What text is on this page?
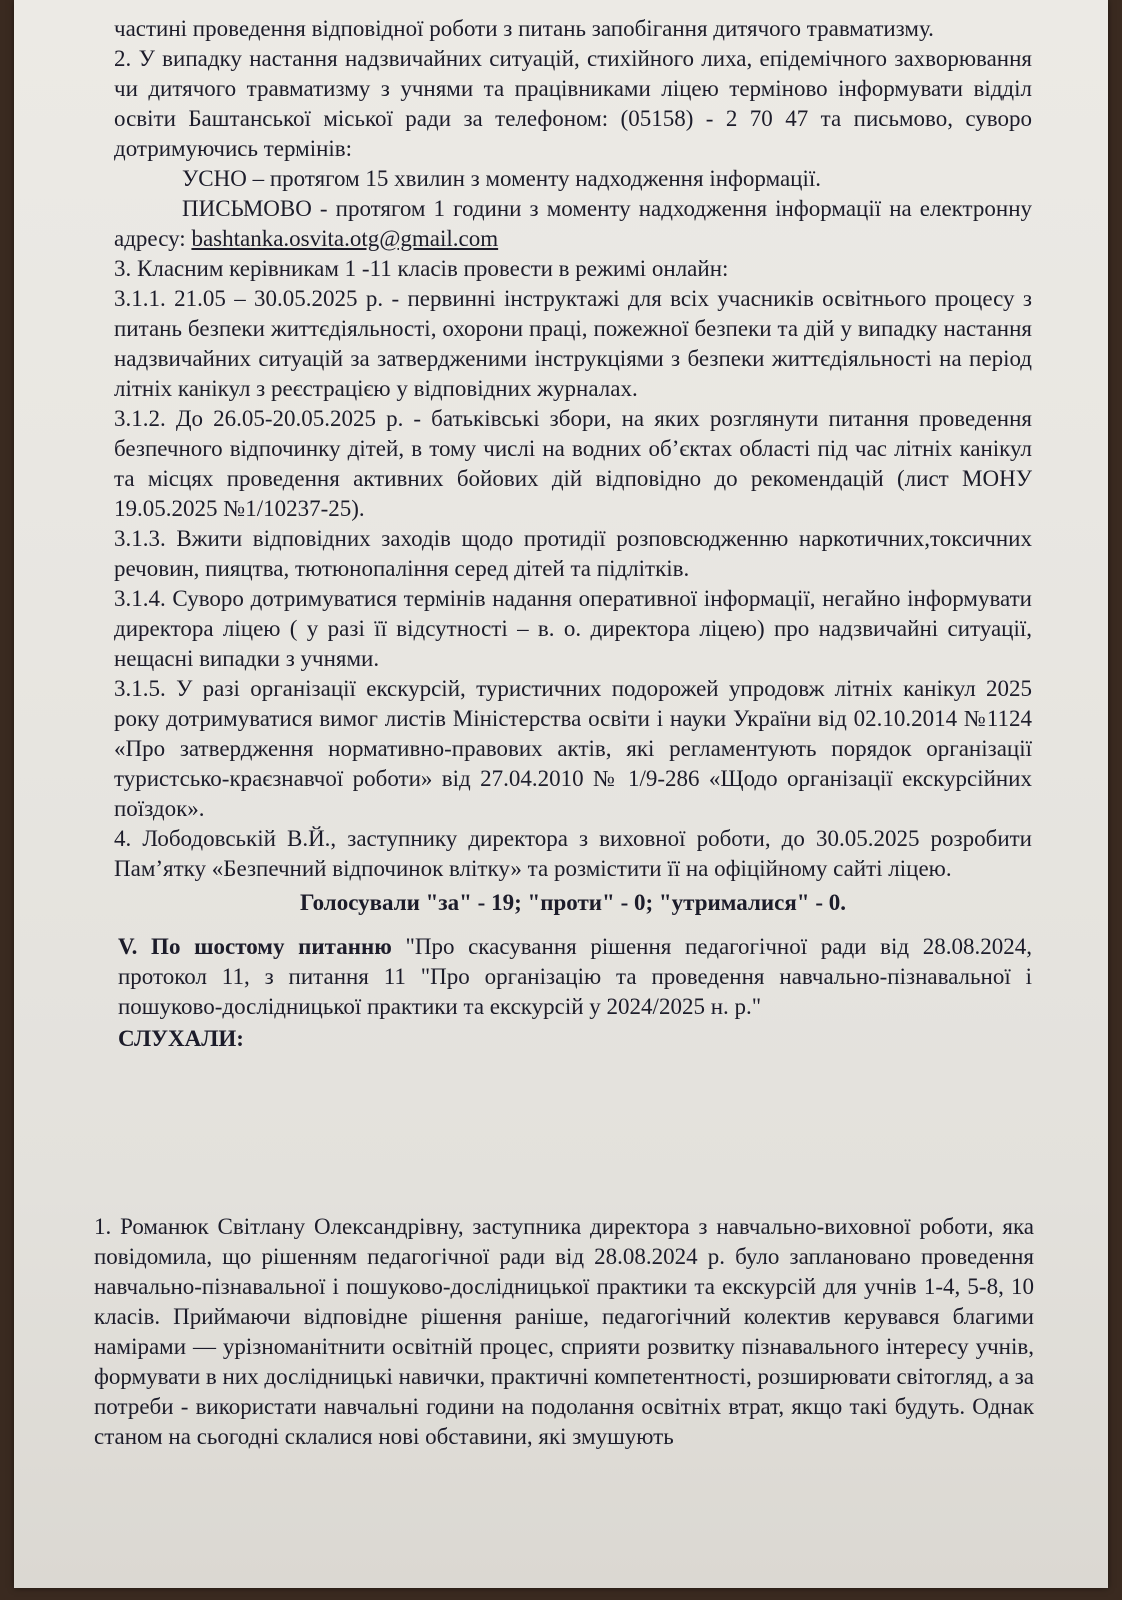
частині проведення відповідної роботи з питань запобігання дитячого травматизму.

2. У випадку настання надзвичайних ситуацій, стихійного лиха, епідемічного захворювання чи дитячого травматизму з учнями та працівниками ліцею терміново інформувати відділ освіти Баштанської міської ради за телефоном: (05158) - 2 70 47 та письмово, суворо дотримуючись термінів:

УСНО – протягом 15 хвилин з моменту надходження інформації.

ПИСЬМОВО - протягом 1 години з моменту надходження інформації на електронну адресу: bashtanka.osvita.otg@gmail.com

3. Класним керівникам 1 -11 класів провести в режимі онлайн:

3.1.1. 21.05 – 30.05.2025 р. - первинні інструктажі для всіх учасників освітнього процесу з питань безпеки життєдіяльності, охорони праці, пожежної безпеки та дій у випадку настання надзвичайних ситуацій за затвердженими інструкціями з безпеки життєдіяльності на період літніх канікул з реєстрацією у відповідних журналах.

3.1.2. До 26.05-20.05.2025 р. - батьківські збори, на яких розглянути питання проведення безпечного відпочинку дітей, в тому числі на водних об’єктах області під час літніх канікул та місцях проведення активних бойових дій відповідно до рекомендацій (лист МОНУ 19.05.2025 №1/10237-25).

3.1.3. Вжити відповідних заходів щодо протидії розповсюдженню наркотичних,токсичних речовин, пияцтва, тютюнопаління серед дітей та підлітків.

3.1.4. Суворо дотримуватися термінів надання оперативної інформації, негайно інформувати директора ліцею ( у разі її відсутності – в. о. директора ліцею) про надзвичайні ситуації, нещасні випадки з учнями.

3.1.5. У разі організації екскурсій, туристичних подорожей упродовж літніх канікул 2025 року дотримуватися вимог листів Міністерства освіти і науки України від 02.10.2014 №1124 «Про затвердження нормативно-правових актів, які регламентують порядок організації туристсько-краєзнавчої роботи» від 27.04.2010 № 1/9-286 «Щодо організації екскурсійних поїздок».

4. Лободовській В.Й., заступнику директора з виховної роботи, до 30.05.2025 розробити Пам’ятку «Безпечний відпочинок влітку» та розмістити її на офіційному сайті ліцею.

Голосували "за" - 19; "проти" - 0; "утрималися" - 0.

V. По шостому питанню "Про скасування рішення педагогічної ради від 28.08.2024, протокол 11, з питання 11 "Про організацію та проведення навчально-пізнавальної і пошуково-дослідницької практики та екскурсій у 2024/2025 н. р."

СЛУХАЛИ:

1. Романюк Світлану Олександрівну, заступника директора з навчально-виховної роботи, яка повідомила, що рішенням педагогічної ради від 28.08.2024 р. було заплановано проведення навчально-пізнавальної і пошуково-дослідницької практики та екскурсій для учнів 1-4, 5-8, 10 класів. Приймаючи відповідне рішення раніше, педагогічний колектив керувався благими намірами — урізноманітнити освітній процес, сприяти розвитку пізнавального інтересу учнів, формувати в них дослідницькі навички, практичні компетентності, розширювати світогляд, а за потреби - використати навчальні години на подолання освітніх втрат, якщо такі будуть. Однак станом на сьогодні склалися нові обставини, які змушують
